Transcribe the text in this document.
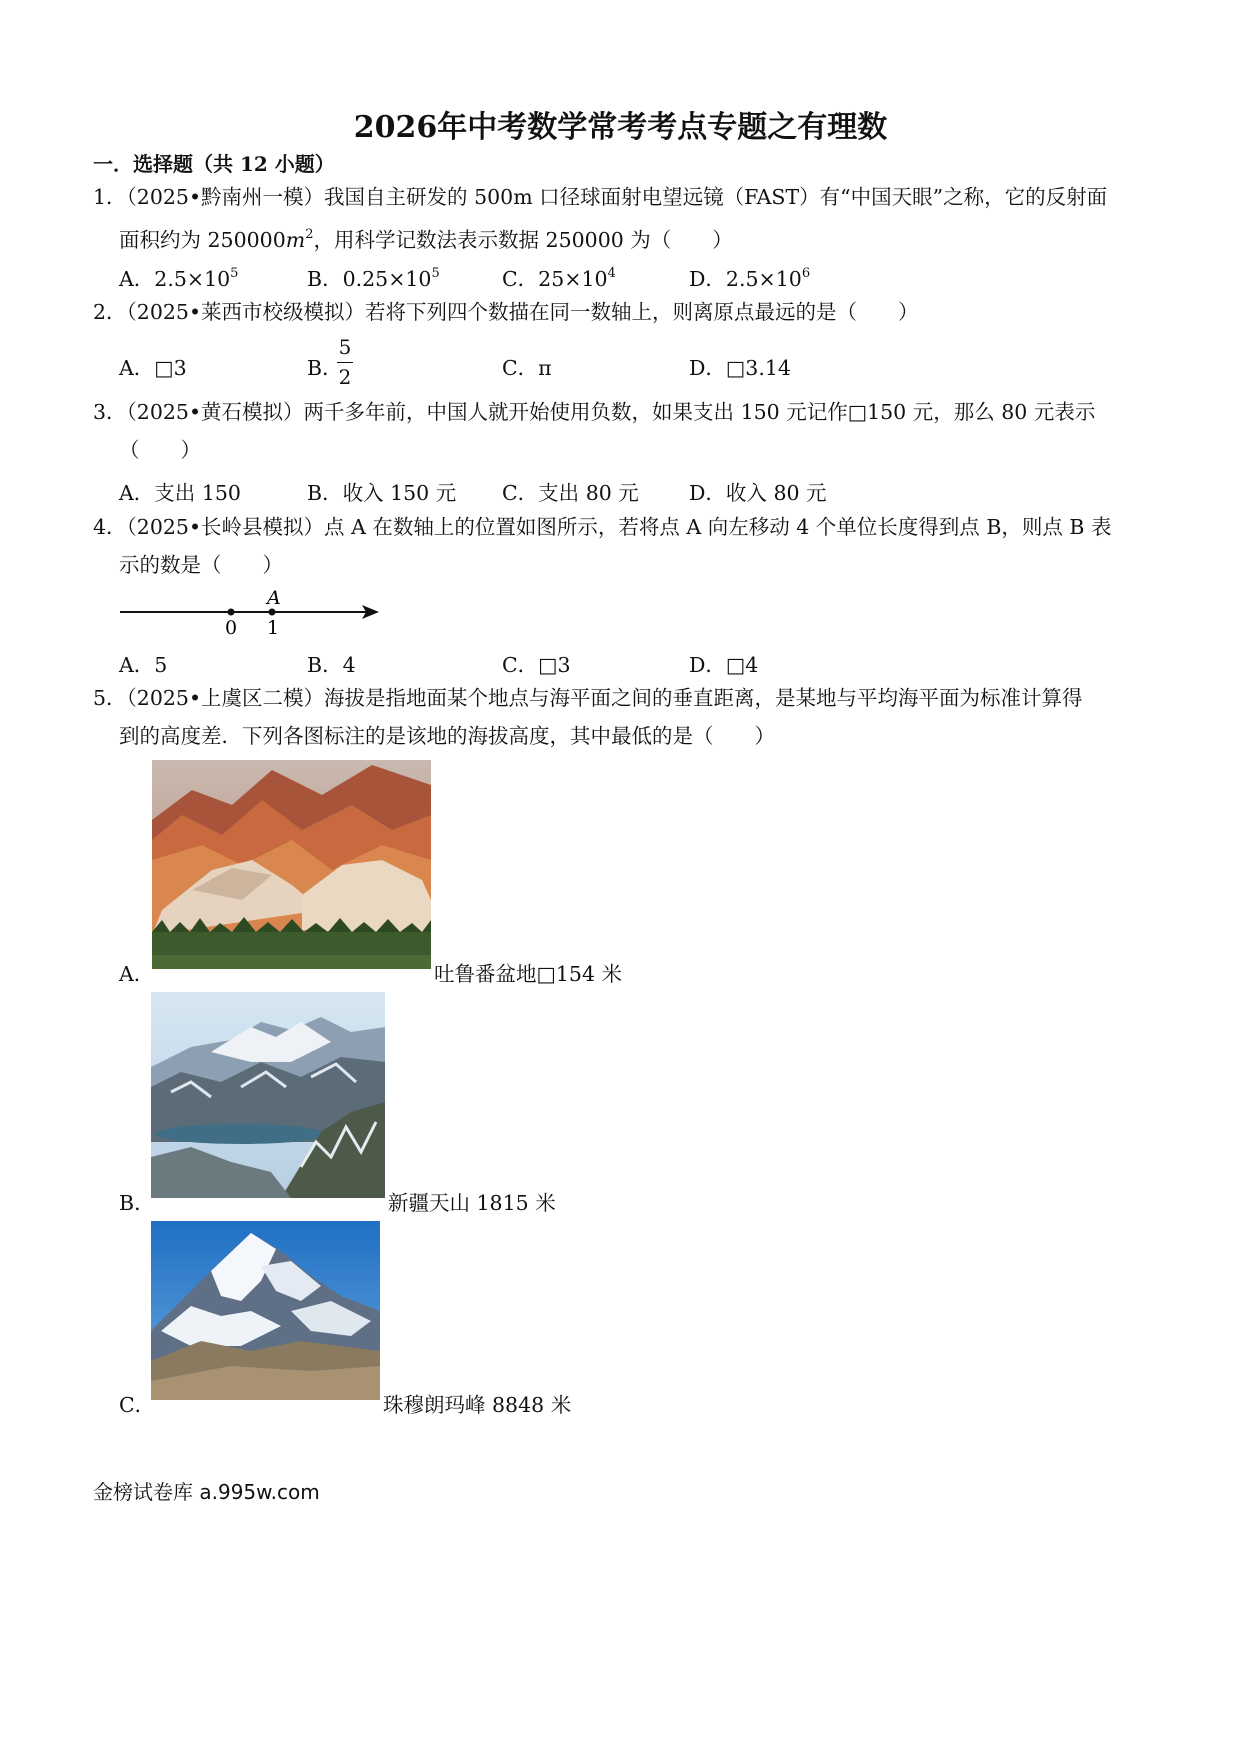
2026年中考数学常考考点专题之有理数
一．选择题（共 12 小题）
1．（2025•黔南州一模）我国自主研发的 500m 口径球面射电望远镜（FAST）有“中国天眼”之称，它的反射面
面积约为 $250000m^2$，用科学记数法表示数据 250000 为（　　）
A．$2.5\times 10^5$	B．$0.25\times 10^5$	C．$25\times 10^4$	D．$2.5\times 10^6$
2．（2025•莱西市校级模拟）若将下列四个数描在同一数轴上，则离原点最远的是（　　）
A．□3	B．
5
2	C．π	D．□3.14
3．（2025•黄石模拟）两千多年前，中国人就开始使用负数，如果支出 150 元记作□150 元，那么 80 元表示
（　　）
A．支出 150	B．收入 150 元 C．支出 80 元 D．收入 80 元
4．（2025•长岭县模拟）点 A 在数轴上的位置如图所示，若将点 A 向左移动 4 个单位长度得到点 B，则点 B 表
示的数是（　　）
A
0 1
A．5	B．4	C．□3	D．□4
5．（2025•上虞区二模）海拔是指地面某个地点与海平面之间的垂直距离，是某地与平均海平面为标准计算得
到的高度差．下列各图标注的是该地的海拔高度，其中最低的是（　　）
A．	吐鲁番盆地□154 米
B．	新疆天山 1815 米
C．	珠穆朗玛峰 8848 米
金榜试卷库 a.995w.com
